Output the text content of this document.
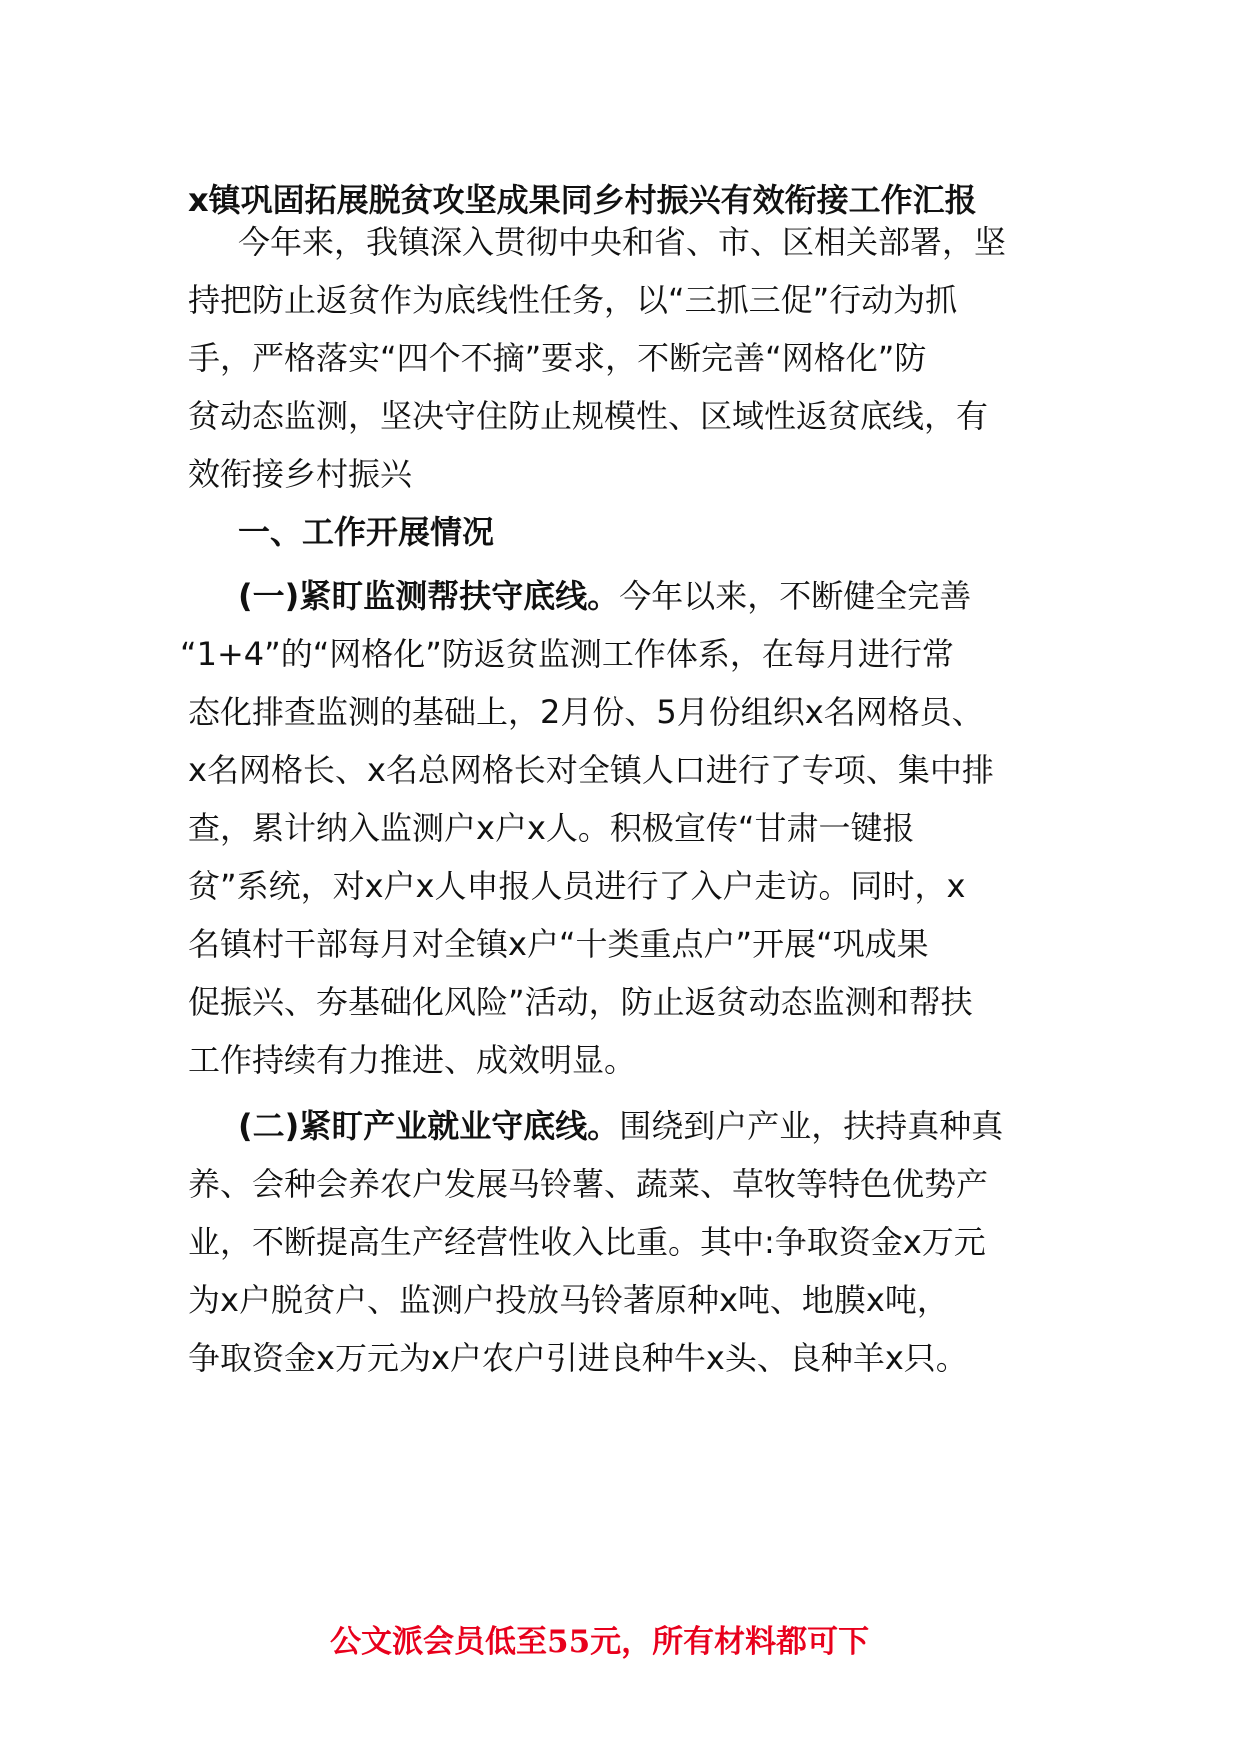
x镇巩固拓展脱贫攻坚成果同乡村振兴有效衔接工作汇报
今年来，我镇深入贯彻中央和省、市、区相关部署，坚
持把防止返贫作为底线性任务，以“三抓三促”行动为抓
手，严格落实“四个不摘”要求，不断完善“网格化”防
贫动态监测，坚决守住防止规模性、区域性返贫底线，有
效衔接乡村振兴
一、工作开展情况
(一)紧盯监测帮扶守底线。今年以来，不断健全完善
“1+4”的“网格化”防返贫监测工作体系，在每月进行常
态化排查监测的基础上，2月份、5月份组织x名网格员、
x名网格长、x名总网格长对全镇人口进行了专项、集中排
查，累计纳入监测户x户x人。积极宣传“甘肃一键报
贫”系统，对x户x人申报人员进行了入户走访。同时，x
名镇村干部每月对全镇x户“十类重点户”开展“巩成果
促振兴、夯基础化风险”活动，防止返贫动态监测和帮扶
工作持续有力推进、成效明显。
(二)紧盯产业就业守底线。围绕到户产业，扶持真种真
养、会种会养农户发展马铃薯、蔬菜、草牧等特色优势产
业，不断提高生产经营性收入比重。其中:争取资金x万元
为x户脱贫户、监测户投放马铃著原种x吨、地膜x吨，
争取资金x万元为x户农户引进良种牛x头、良种羊x只。
公文派会员低至55元，所有材料都可下
